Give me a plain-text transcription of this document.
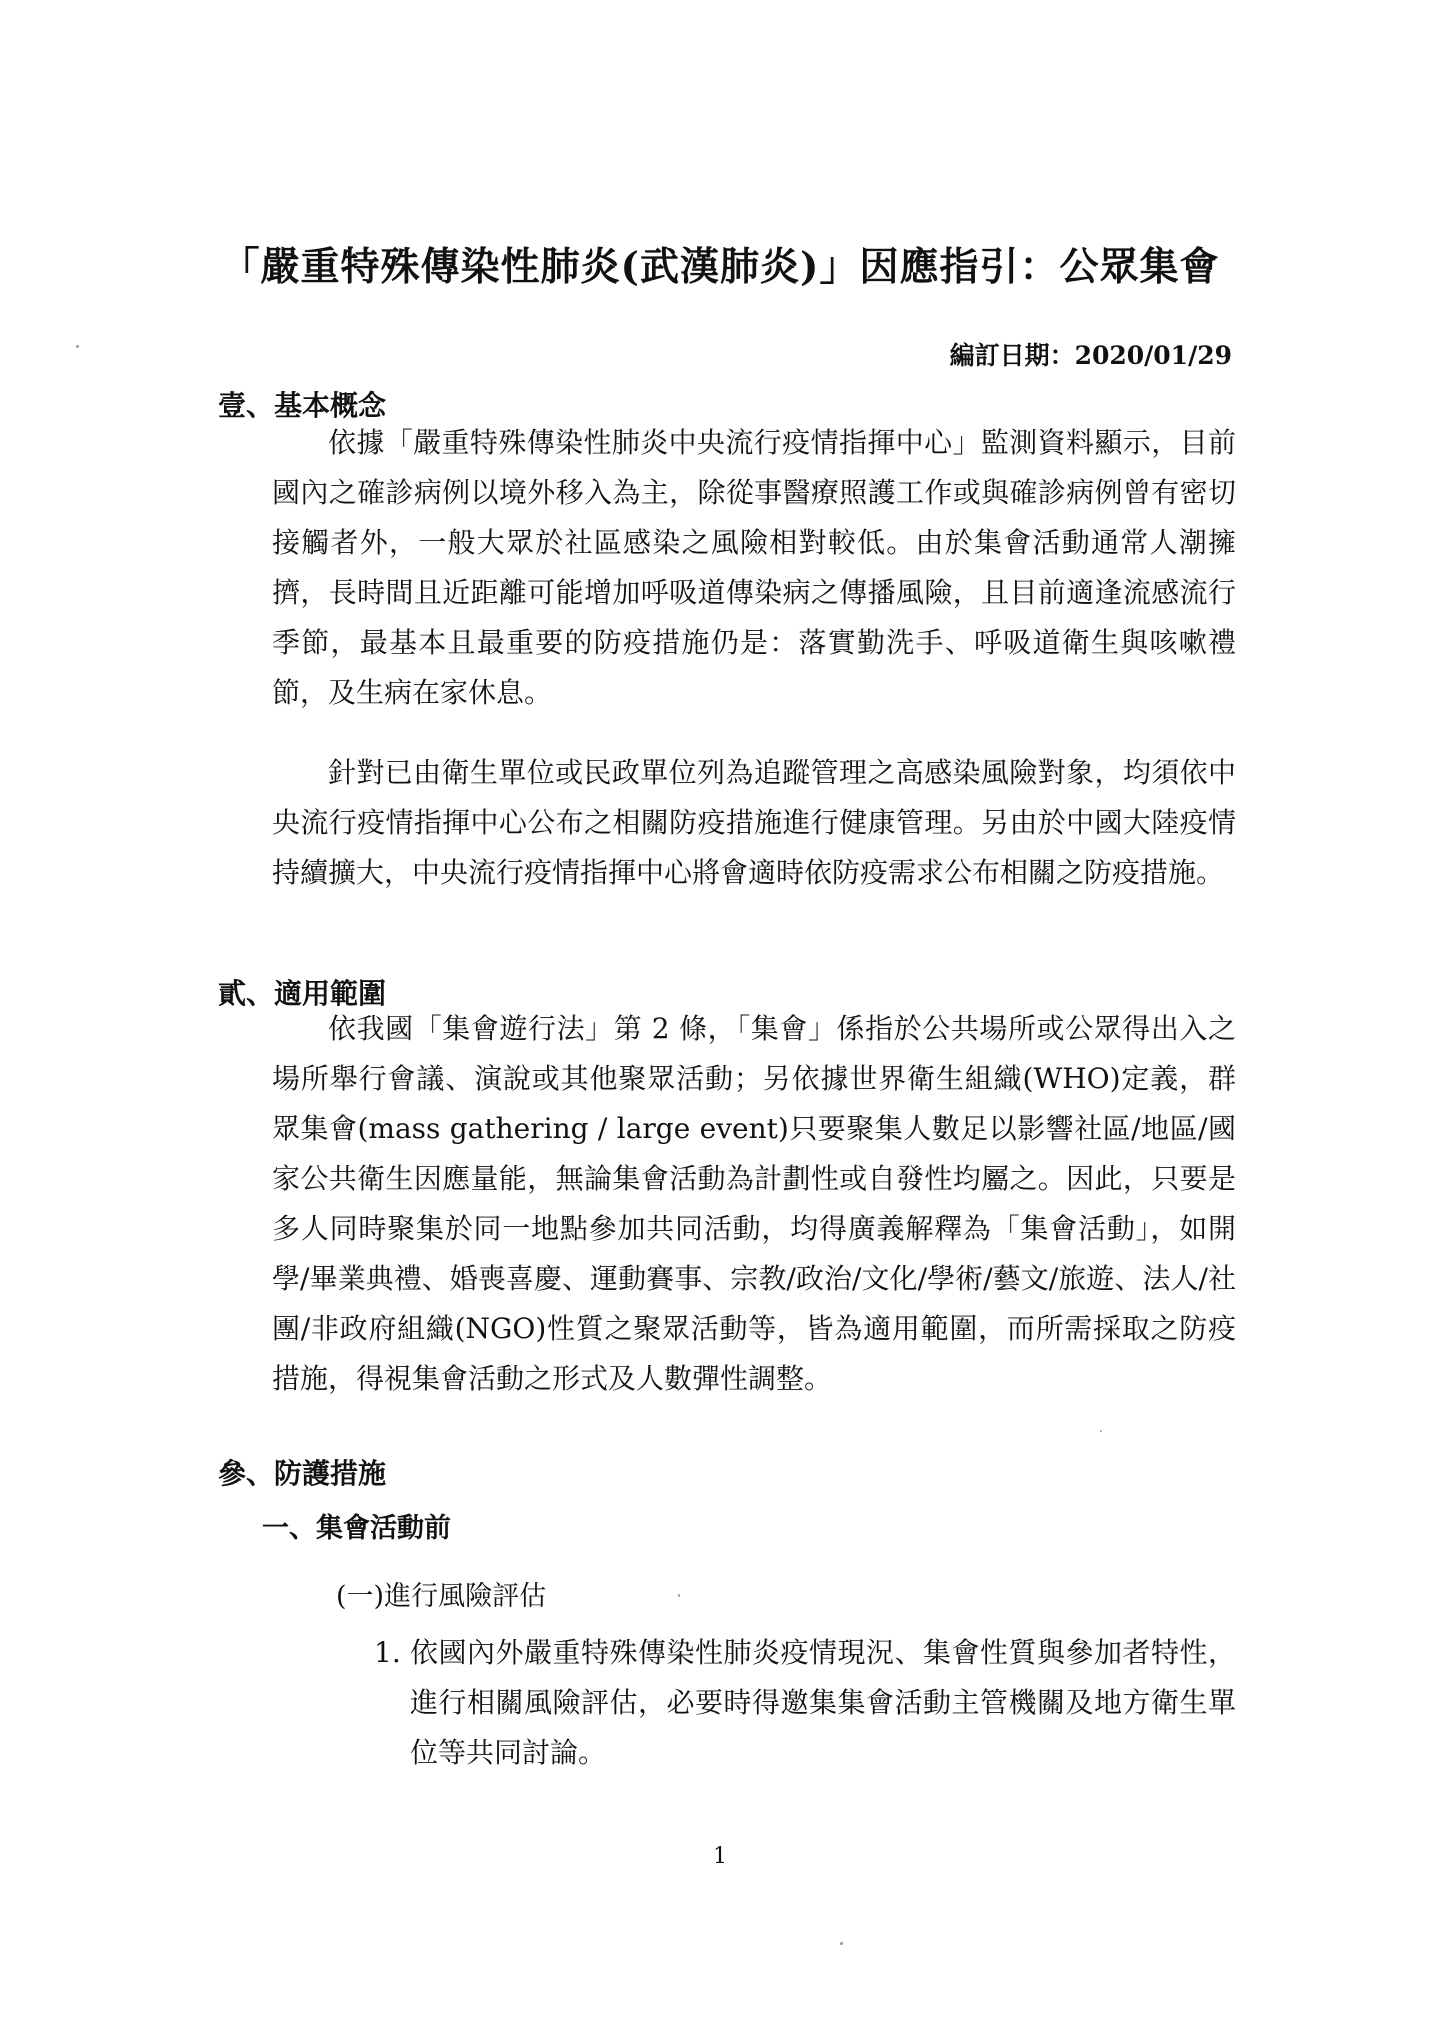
「嚴重特殊傳染性肺炎(武漢肺炎)」因應指引：公眾集會
編訂日期：2020/01/29
壹、基本概念

依據「嚴重特殊傳染性肺炎中央流行疫情指揮中心」監測資料顯示，目前國內之確診病例以境外移入為主，除從事醫療照護工作或與確診病例曾有密切接觸者外，一般大眾於社區感染之風險相對較低。由於集會活動通常人潮擁擠，長時間且近距離可能增加呼吸道傳染病之傳播風險，且目前適逢流感流行季節，最基本且最重要的防疫措施仍是：落實勤洗手、呼吸道衛生與咳嗽禮節，及生病在家休息。

針對已由衛生單位或民政單位列為追蹤管理之高感染風險對象，均須依中央流行疫情指揮中心公布之相關防疫措施進行健康管理。另由於中國大陸疫情持續擴大，中央流行疫情指揮中心將會適時依防疫需求公布相關之防疫措施。

貳、適用範圍

依我國「集會遊行法」第 2 條，「集會」係指於公共場所或公眾得出入之場所舉行會議、演說或其他聚眾活動；另依據世界衛生組織(WHO)定義，群眾集會(mass gathering / large event)只要聚集人數足以影響社區/地區/國家公共衛生因應量能，無論集會活動為計劃性或自發性均屬之。因此，只要是多人同時聚集於同一地點參加共同活動，均得廣義解釋為「集會活動」，如開學/畢業典禮、婚喪喜慶、運動賽事、宗教/政治/文化/學術/藝文/旅遊、法人/社團/非政府組織(NGO)性質之聚眾活動等，皆為適用範圍，而所需採取之防疫措施，得視集會活動之形式及人數彈性調整。

參、防護措施
一、集會活動前
(一)進行風險評估
1. 依國內外嚴重特殊傳染性肺炎疫情現況、集會性質與參加者特性，進行相關風險評估，必要時得邀集集會活動主管機關及地方衛生單位等共同討論。
1
